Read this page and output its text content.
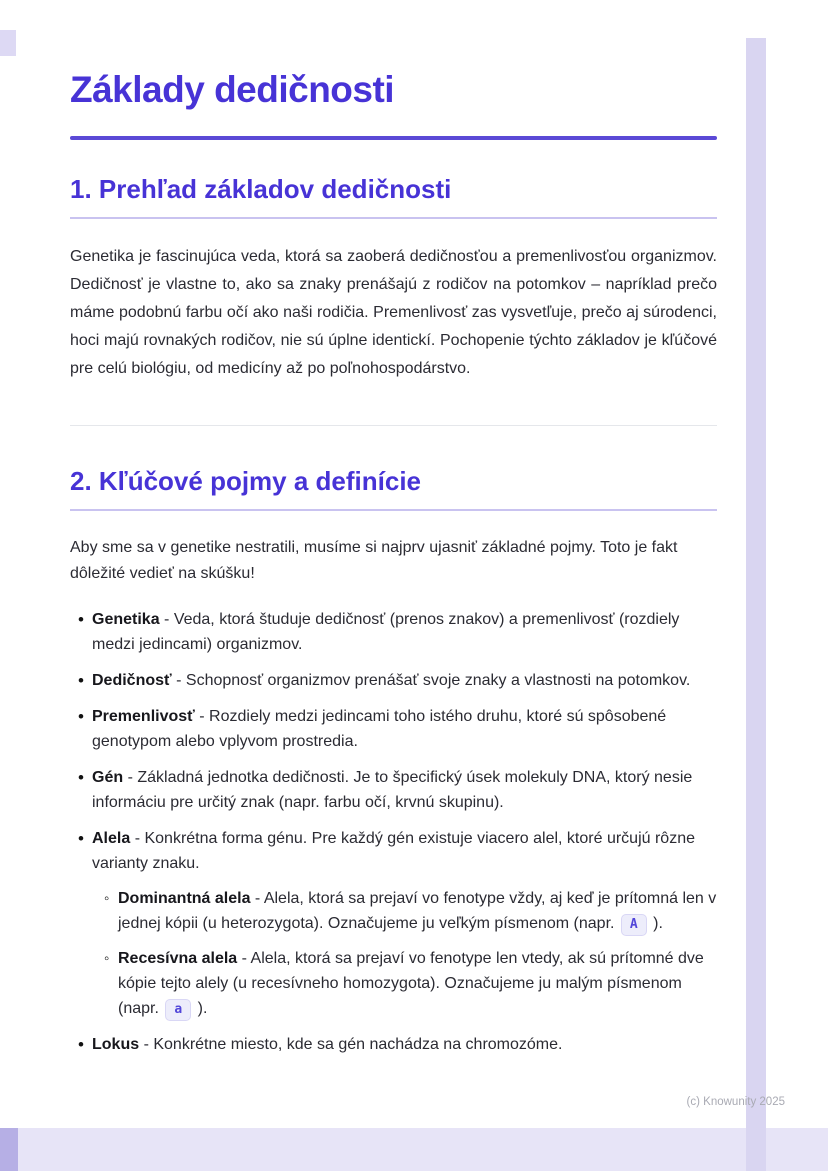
Základy dedičnosti
1. Prehľad základov dedičnosti

Genetika je fascinujúca veda, ktorá sa zaoberá dedičnosťou a premenlivosťou organizmov. Dedičnosť je vlastne to, ako sa znaky prenášajú z rodičov na potomkov – napríklad prečo máme podobnú farbu očí ako naši rodičia. Premenlivosť zas vysvetľuje, prečo aj súrodenci, hoci majú rovnakých rodičov, nie sú úplne identickí. Pochopenie týchto základov je kľúčové pre celú biológiu, od medicíny až po poľnohospodárstvo.

2. Kľúčové pojmy a definície

Aby sme sa v genetike nestratili, musíme si najprv ujasniť základné pojmy. Toto je fakt dôležité vedieť na skúšku!

• Genetika - Veda, ktorá študuje dedičnosť (prenos znakov) a premenlivosť (rozdiely medzi jedincami) organizmov.
• Dedičnosť - Schopnosť organizmov prenášať svoje znaky a vlastnosti na potomkov.
• Premenlivosť - Rozdiely medzi jedincami toho istého druhu, ktoré sú spôsobené genotypom alebo vplyvom prostredia.
• Gén - Základná jednotka dedičnosti. Je to špecifický úsek molekuly DNA, ktorý nesie informáciu pre určitý znak (napr. farbu očí, krvnú skupinu).
• Alela - Konkrétna forma génu. Pre každý gén existuje viacero alel, ktoré určujú rôzne varianty znaku.
◦ Dominantná alela - Alela, ktorá sa prejaví vo fenotype vždy, aj keď je prítomná len v jednej kópii (u heterozygota). Označujeme ju veľkým písmenom (napr. A ).
◦ Recesívna alela - Alela, ktorá sa prejaví vo fenotype len vtedy, ak sú prítomné dve kópie tejto alely (u recesívneho homozygota). Označujeme ju malým písmenom (napr. a ).
• Lokus - Konkrétne miesto, kde sa gén nachádza na chromozóme.
(c) Knowunity 2025
